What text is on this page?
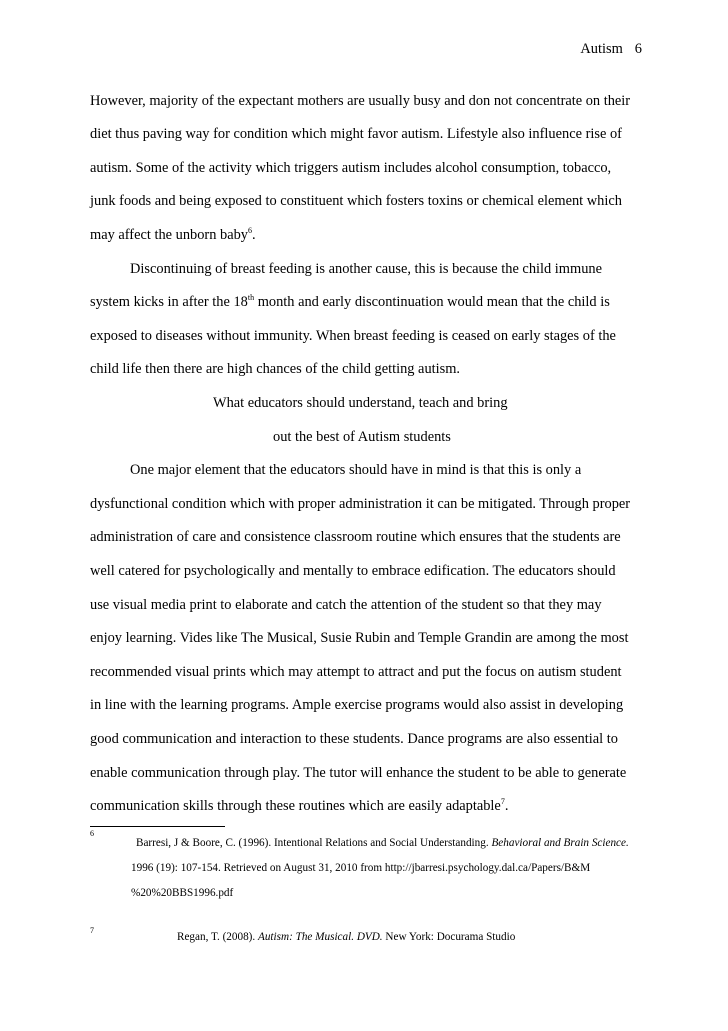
Autism 6
However, majority of the expectant mothers are usually busy and don not concentrate on their
diet thus paving way for condition which might favor autism. Lifestyle also influence rise of
autism. Some of the activity which triggers autism includes alcohol consumption, tobacco,
junk foods and being exposed to constituent which fosters toxins or chemical element which
may affect the unborn baby$^6$.
Discontinuing of breast feeding is another cause, this is because the child immune
system kicks in after the 18th month and early discontinuation would mean that the child is
exposed to diseases without immunity. When breast feeding is ceased on early stages of the
child life then there are high chances of the child getting autism.
What educators should understand, teach and bring
out the best of Autism students
One major element that the educators should have in mind is that this is only a
dysfunctional condition which with proper administration it can be mitigated. Through proper
administration of care and consistence classroom routine which ensures that the students are
well catered for psychologically and mentally to embrace edification. The educators should
use visual media print to elaborate and catch the attention of the student so that they may
enjoy learning. Vides like The Musical, Susie Rubin and Temple Grandin are among the most
recommended visual prints which may attempt to attract and put the focus on autism student
in line with the learning programs. Ample exercise programs would also assist in developing
good communication and interaction to these students. Dance programs are also essential to
enable communication through play. The tutor will enhance the student to be able to generate
communication skills through these routines which are easily adaptable$^7$.
6
Barresi, J & Boore, C. (1996). Intentional Relations and Social Understanding. Behavioral and Brain Science.
1996 (19): 107-154. Retrieved on August 31, 2010 from http://jbarresi.psychology.dal.ca/Papers/B&M
%20%20BBS1996.pdf
7
Regan, T. (2008). Autism: The Musical. DVD. New York: Docurama Studio
